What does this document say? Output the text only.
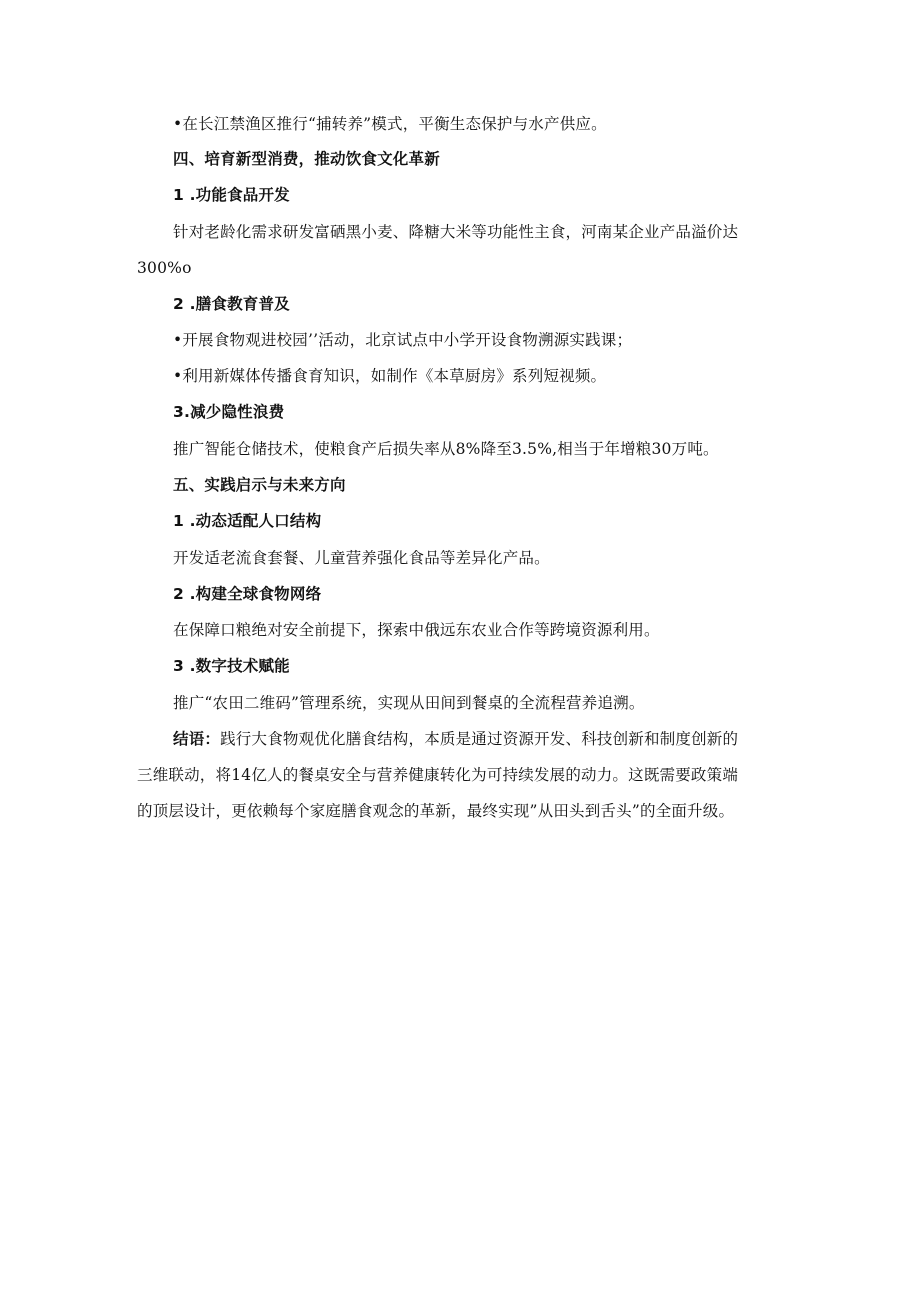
•在长江禁渔区推行“捕转养”模式，平衡生态保护与水产供应。
四、培育新型消费，推动饮食文化革新
1 .功能食品开发
针对老龄化需求研发富硒黑小麦、降糖大米等功能性主食，河南某企业产品溢价达
300%o
2 .膳食教育普及
•开展食物观进校园’’活动，北京试点中小学开设食物溯源实践课；
•利用新媒体传播食育知识，如制作《本草厨房》系列短视频。
3.减少隐性浪费
推广智能仓储技术，使粮食产后损失率从8%降至3.5%,相当于年增粮30万吨。
五、实践启示与未来方向
1 .动态适配人口结构
开发适老流食套餐、儿童营养强化食品等差异化产品。
2 .构建全球食物网络
在保障口粮绝对安全前提下，探索中俄远东农业合作等跨境资源利用。
3 .数字技术赋能
推广“农田二维码”管理系统，实现从田间到餐桌的全流程营养追溯。
结语：践行大食物观优化膳食结构，本质是通过资源开发、科技创新和制度创新的
三维联动，将14亿人的餐桌安全与营养健康转化为可持续发展的动力。这既需要政策端
的顶层设计，更依赖每个家庭膳食观念的革新，最终实现”从田头到舌头”的全面升级。
